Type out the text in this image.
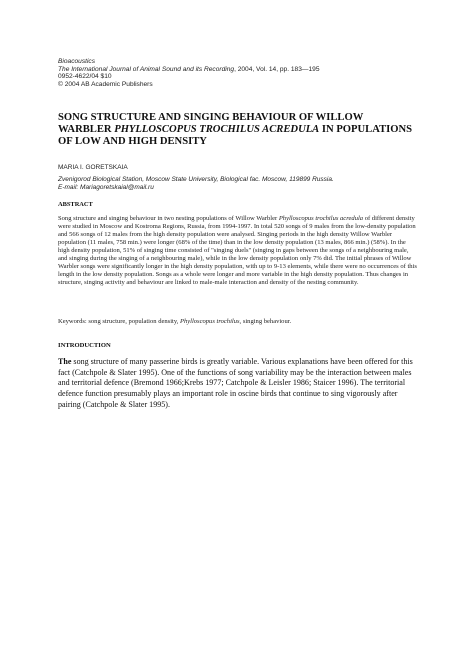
Bioacoustics
The International Journal of Animal Sound and its Recording, 2004, Vol. 14, pp. 183—195
0952-4622/04 $10
© 2004 AB Academic Publishers
SONG STRUCTURE AND SINGING BEHAVIOUR OF WILLOW WARBLER PHYLLOSCOPUS TROCHILUS ACREDULA IN POPULATIONS OF LOW AND HIGH DENSITY
MARIA I. GORETSKAIA
Zvenigorod Biological Station, Moscow State University, Biological fac. Moscow, 119899 Russia.
E-mail: Mariagoretskaial@mail.ru
ABSTRACT
Song structure and singing behaviour in two nesting populations of Willow Warbler Phylloscopus trochilus acredula of different density were studied in Moscow and Kostroma Regions, Russia, from 1994-1997. In total 520 songs of 9 males from the low-density population and 566 songs of 12 males from the high density population were analysed. Singing periods in the high density Willow Warbler population (11 males, 758 min.) were longer (68% of the time) than in the low density population (13 males, 866 min.) (58%). In the high density population, 51% of singing time consisted of "singing duels" (singing in gaps between the songs of a neighbouring male, and singing during the singing of a neighbouring male), while in the low density population only 7% did. The initial phrases of Willow Warbler songs were significantly longer in the high density population, with up to 9-13 elements, while there were no occurrences of this length in the low density population. Songs as a whole were longer and more variable in the high density population. Thus changes in structure, singing activity and behaviour are linked to male-male interaction and density of the nesting community.
Keywords: song structure, population density, Phylloscopus trochilus, singing behaviour.
INTRODUCTION
The song structure of many passerine birds is greatly variable. Various explanations have been offered for this fact (Catchpole & Slater 1995). One of the functions of song variability may be the interaction between males and territorial defence (Bremond 1966;Krebs 1977; Catchpole & Leisler 1986; Staicer 1996). The territorial defence function presumably plays an important role in oscine birds that continue to sing vigorously after pairing (Catchpole & Slater 1995).
